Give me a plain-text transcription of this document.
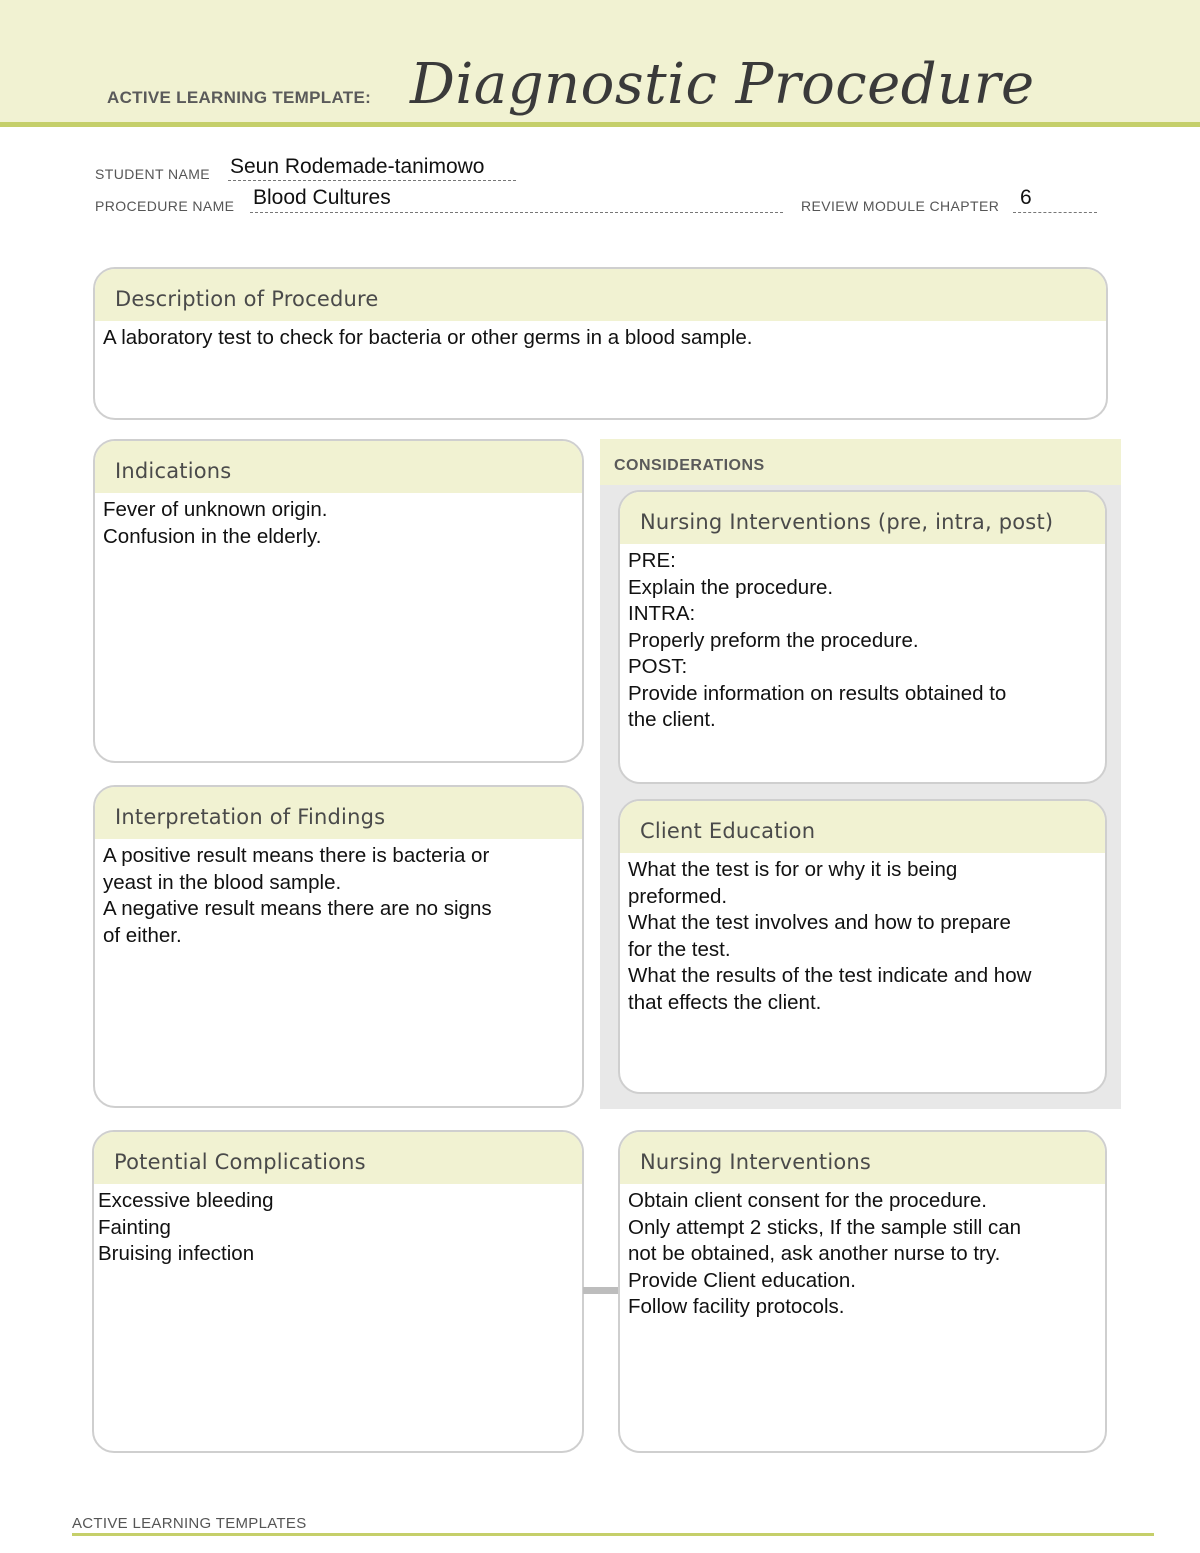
ACTIVE LEARNING TEMPLATE: Diagnostic Procedure
STUDENT NAME Seun Rodemade-tanimowo
PROCEDURE NAME Blood Cultures	REVIEW MODULE CHAPTER 6
Description of Procedure
A laboratory test to check for bacteria or other germs in a blood sample.
Indications
Fever of unknown origin.
Confusion in the elderly.
Interpretation of Findings
A positive result means there is bacteria or
yeast in the blood sample.
A negative result means there are no signs
of either.
CONSIDERATIONS
Nursing Interventions (pre, intra, post)
PRE:
Explain the procedure.
INTRA:
Properly preform the procedure.
POST:
Provide information on results obtained to
the client.
Client Education
What the test is for or why it is being
preformed.
What the test involves and how to prepare
for the test.
What the results of the test indicate and how
that effects the client.
Potential Complications
Excessive bleeding
Fainting
Bruising infection
Nursing Interventions
Obtain client consent for the procedure.
Only attempt 2 sticks, If the sample still can
not be obtained, ask another nurse to try.
Provide Client education.
Follow facility protocols.
ACTIVE LEARNING TEMPLATES
